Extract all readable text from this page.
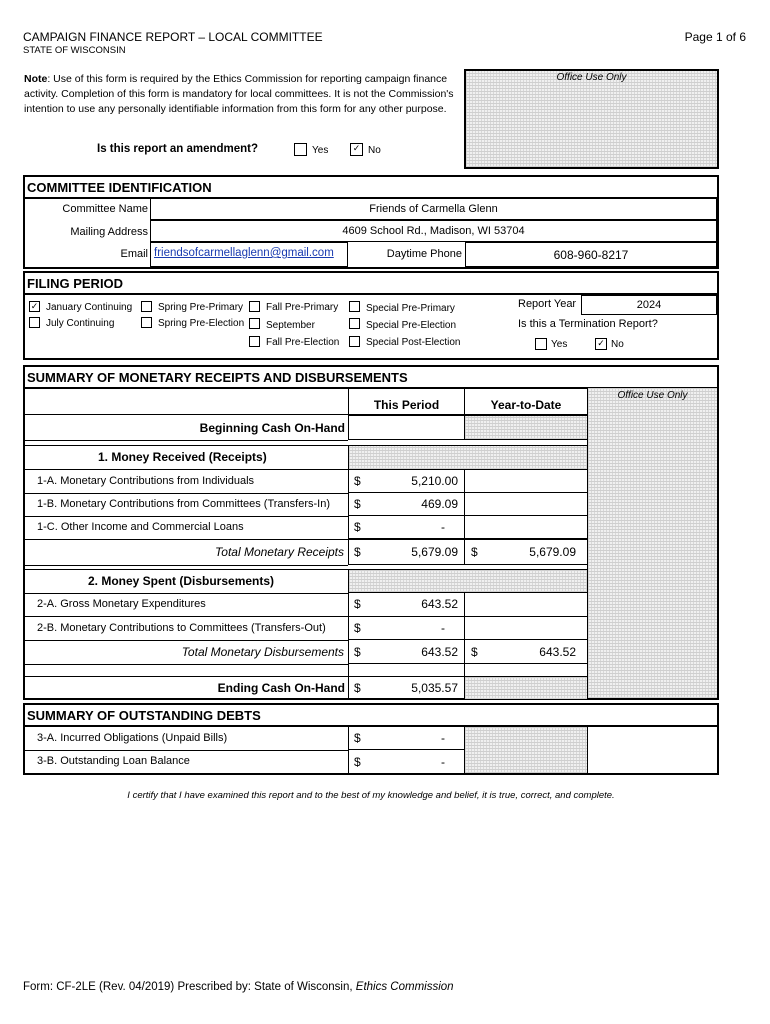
CAMPAIGN FINANCE REPORT – LOCAL COMMITTEE
STATE OF WISCONSIN
Page 1 of 6
Note: Use of this form is required by the Ethics Commission for reporting campaign finance activity. Completion of this form is mandatory for local committees. It is not the Commission's intention to use any personally identifiable information from this form for any other purpose.
Office Use Only
Is this report an amendment?	Yes	✓ No
COMMITTEE IDENTIFICATION
Committee Name	Friends of Carmella Glenn
Mailing Address	4609 School Rd., Madison, WI 53704
Email friendsofcarmellaglenn@gmail.com	Daytime Phone	608-960-8217
FILING PERIOD
✓ January Continuing
July Continuing
Spring Pre-Primary
Spring Pre-Election
Fall Pre-Primary
September
Fall Pre-Election
Special Pre-Primary
Special Pre-Election
Special Post-Election
Report Year	2024
Is this a Termination Report?
Yes	✓ No
SUMMARY OF MONETARY RECEIPTS AND DISBURSEMENTS
Office Use Only
This Period	Year-to-Date
Beginning Cash On-Hand
1. Money Received (Receipts)
1-A. Monetary Contributions from Individuals	$	5,210.00
1-B. Monetary Contributions from Committees (Transfers-In) $	469.09
1-C. Other Income and Commercial Loans	$	-
Total Monetary Receipts $	5,679.09 $	5,679.09
2. Money Spent (Disbursements)
2-A. Gross Monetary Expenditures	$	643.52
2-B. Monetary Contributions to Committees (Transfers-Out) $	-
Total Monetary Disbursements $	643.52 $	643.52
Ending Cash On-Hand $	5,035.57
SUMMARY OF OUTSTANDING DEBTS
3-A. Incurred Obligations (Unpaid Bills)	$	-
3-B. Outstanding Loan Balance	$	-
I certify that I have examined this report and to the best of my knowledge and belief, it is true, correct, and complete.
Form: CF-2LE (Rev. 04/2019) Prescribed by: State of Wisconsin, Ethics Commission
